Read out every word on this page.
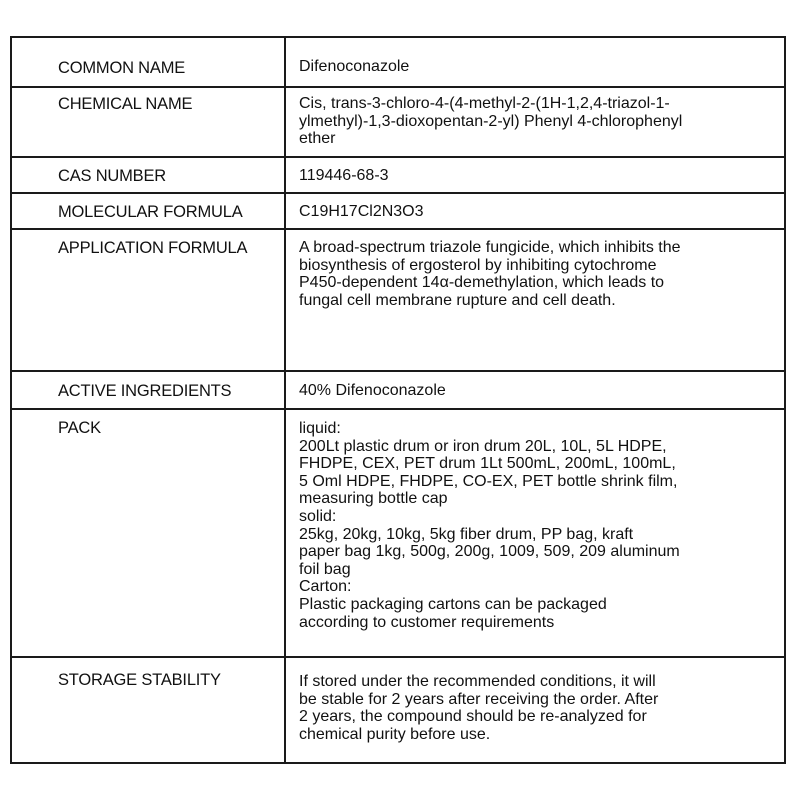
COMMON NAME	Difenoconazole
CHEMICAL NAME	Cis, trans-3-chloro-4-(4-methyl-2-(1H-1,2,4-triazol-1-
ylmethyl)-1,3-dioxopentan-2-yl) Phenyl 4-chlorophenyl
ether
CAS NUMBER	119446-68-3
MOLECULAR FORMULA	C19H17Cl2N3O3
APPLICATION FORMULA	A broad-spectrum triazole fungicide, which inhibits the
biosynthesis of ergosterol by inhibiting cytochrome
P450-dependent 14α-demethylation, which leads to
fungal cell membrane rupture and cell death.
ACTIVE INGREDIENTS	40% Difenoconazole
PACK	liquid:
200Lt plastic drum or iron drum 20L, 10L, 5L HDPE,
FHDPE, CEX, PET drum 1Lt 500mL, 200mL, 100mL,
5 Oml HDPE, FHDPE, CO-EX, PET bottle shrink film,
measuring bottle cap
solid:
25kg, 20kg, 10kg, 5kg fiber drum, PP bag, kraft
paper bag 1kg, 500g, 200g, 1009, 509, 209 aluminum
foil bag
Carton:
Plastic packaging cartons can be packaged
according to customer requirements
STORAGE STABILITY	If stored under the recommended conditions, it will
be stable for 2 years after receiving the order. After
2 years, the compound should be re-analyzed for
chemical purity before use.
